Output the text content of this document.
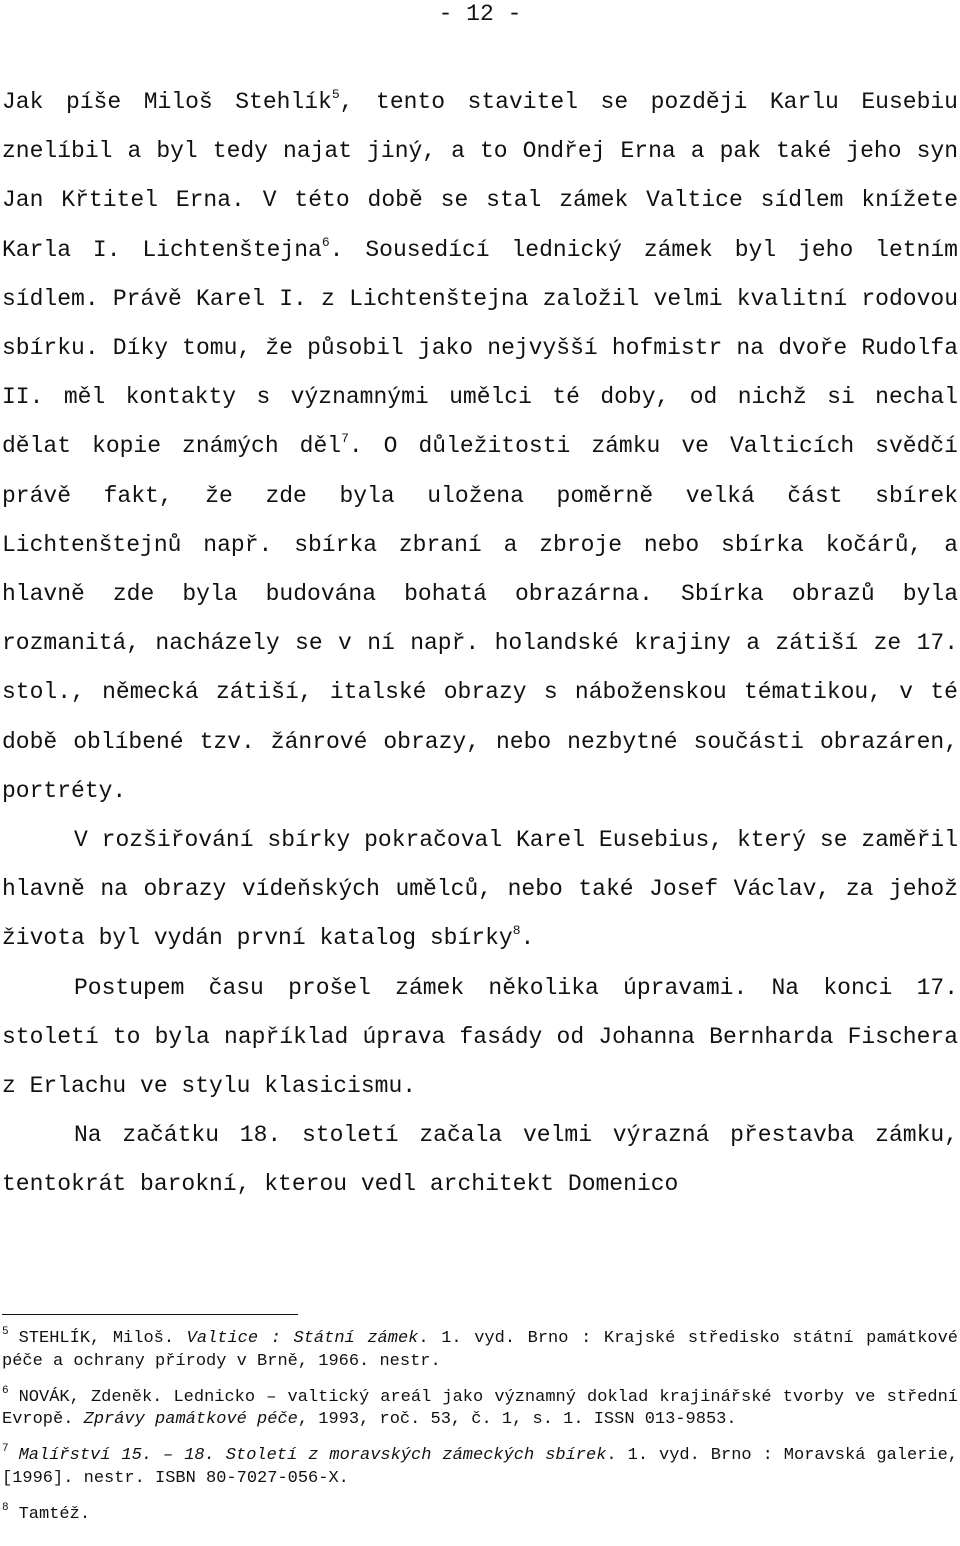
- 12 -

Jak píše Miloš Stehlík$^5$, tento stavitel se později Karlu Eusebiu znelíbil a byl tedy najat jiný, a to Ondřej Erna a pak také jeho syn Jan Křtitel Erna. V této době se stal zámek Valtice sídlem knížete Karla I. Lichtenštejna$^6$. Sousedící lednický zámek byl jeho letním sídlem. Právě Karel I. z Lichtenštejna založil velmi kvalitní rodovou sbírku. Díky tomu, že působil jako nejvyšší hofmistr na dvoře Rudolfa II. měl kontakty s významnými umělci té doby, od nichž si nechal dělat kopie známých děl$^7$. O důležitosti zámku ve Valticích svědčí právě fakt, že zde byla uložena poměrně velká část sbírek Lichtenštejnů např. sbírka zbraní a zbroje nebo sbírka kočárů, a hlavně zde byla budována bohatá obrazárna. Sbírka obrazů byla rozmanitá, nacházely se v ní např. holandské krajiny a zátiší ze 17. stol., německá zátiší, italské obrazy s náboženskou tématikou, v té době oblíbené tzv. žánrové obrazy, nebo nezbytné součásti obrazáren, portréty.

V rozšiřování sbírky pokračoval Karel Eusebius, který se zaměřil hlavně na obrazy vídeňských umělců, nebo také Josef Václav, za jehož života byl vydán první katalog sbírky$^8$.

Postupem času prošel zámek několika úpravami. Na konci 17. století to byla například úprava fasády od Johanna Bernharda Fischera z Erlachu ve stylu klasicismu.

Na začátku 18. století začala velmi výrazná přestavba zámku, tentokrát barokní, kterou vedl architekt Domenico

$^5$ STEHLÍK, Miloš. Valtice : Státní zámek. 1. vyd. Brno : Krajské středisko státní památkové péče a ochrany přírody v Brně, 1966. nestr.

$^6$ NOVÁK, Zdeněk. Lednicko – valtický areál jako významný doklad krajinářské tvorby ve střední Evropě. Zprávy památkové péče, 1993, roč. 53, č. 1, s. 1. ISSN 013-9853.

$^7$ Malířství 15. – 18. Století z moravských zámeckých sbírek. 1. vyd. Brno : Moravská galerie, [1996]. nestr. ISBN 80-7027-056-X.

$^8$ Tamtéž.
